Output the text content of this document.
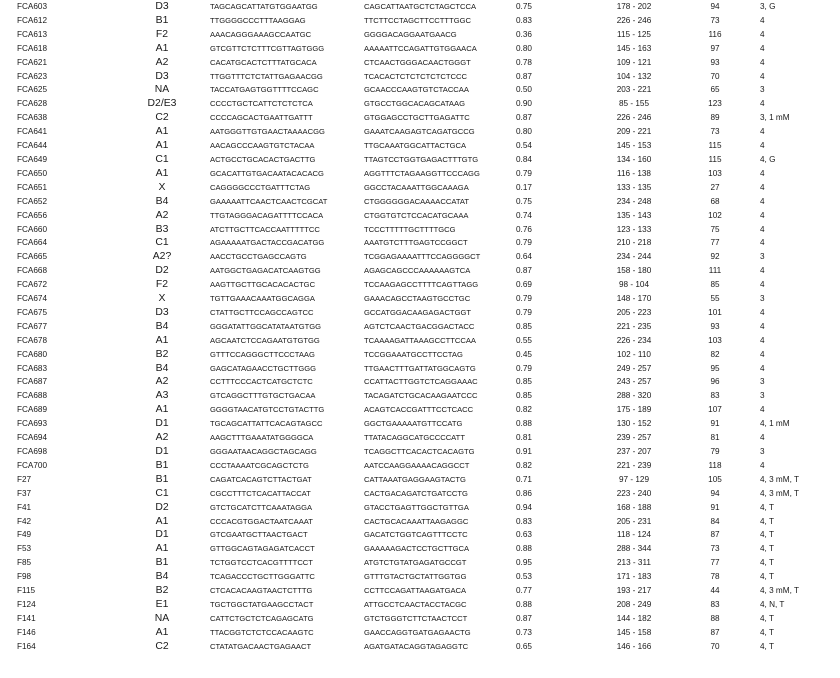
FCA603	D3	TAGCAGCATTATGTGGAATGG	CAGCATTAATGCTCTAGCTCCA	0.75	178 - 202	94	3, G
FCA612	B1	TTGGGGCCCTTTAAGGAG	TTCTTCCTAGCTTCCTTTGGC	0.83	226 - 246	73	4
FCA613	F2	AAACAGGGAAAGCCAATGC	GGGGACAGGAATGAACG	0.36	115 - 125	116	4
FCA618	A1	GTCGTTCTCTTTCGTTAGTGGG	AAAAATTCCAGATTGTGGAACA	0.80	145 - 163	97	4
FCA621	A2	CACATGCACTCTTTATGCACA	CTCAACTGGGACAACTGGGT	0.78	109 - 121	93	4
FCA623	D3	TTGGTTTCTCTATTGAGAACGG	TCACACTCTCTCTCTCTCCC	0.87	104 - 132	70	4
FCA625	NA	TACCATGAGTGGTTTTCCAGC	GCAACCCAAGTGTCTACCAA	0.50	203 - 221	65	3
FCA628	D2/E3	CCCCTGCTCATTCTCTCTCA	GTGCCTGGCACAGCATAAG	0.90	85 - 155	123	4
FCA638	C2	CCCCAGCACTGAATTGATTT	GTGGAGCCTGCTTGAGATTC	0.87	226 - 246	89	3, 1 mM
FCA641	A1	AATGGGTTGTGAACTAAAACGG	GAAATCAAGAGTCAGATGCCG	0.80	209 - 221	73	4
FCA644	A1	AACAGCCCAAGTGTCTACAA	TTGCAAATGGCATTACTGCA	0.54	145 - 153	115	4
FCA649	C1	ACTGCCTGCACACTGACTTG	TTAGTCCTGGTGAGACTTTGTG	0.84	134 - 160	115	4, G
FCA650	A1	GCACATTGTGACAATACACACG	AGGTTTCTAGAAGGTTCCCAGG	0.79	116 - 138	103	4
FCA651	X	CAGGGGCCCTGATTTCTAG	GGCCTACAAATTGGCAAAGA	0.17	133 - 135	27	4
FCA652	B4	GAAAAATTCAACTCAACTCGCAT	CTGGGGGGACAAAACCATAT	0.75	234 - 248	68	4
FCA656	A2	TTGTAGGGACAGATTTTCCACA	CTGGTGTCTCCACATGCAAA	0.74	135 - 143	102	4
FCA660	B3	ATCTTGCTTCACCAATTTTTCC	TCCCTTTTTGCTTTTGCG	0.76	123 - 133	75	4
FCA664	C1	AGAAAAATGACTACCGACATGG	AAATGTCTTTGAGTCCGGCT	0.79	210 - 218	77	4
FCA665	A2?	AACCTGCCTGAGCCAGTG	TCGGAGAAAATTTCCAGGGGCT	0.64	234 - 244	92	3
FCA668	D2	AATGGCTGAGACATCAAGTGG	AGAGCAGCCCAAAAAAGTCA	0.87	158 - 180	111	4
FCA672	F2	AAGTTGCTTGCACACACTGC	TCCAAGAGCCTTTTCAGTTAGG	0.69	98 - 104	85	4
FCA674	X	TGTTGAAACAAATGGCAGGA	GAAACAGCCTAAGTGCCTGC	0.79	148 - 170	55	3
FCA675	D3	CTATTGCTTCCAGCCAGTCC	GCCATGGACAAGAGACTGGT	0.79	205 - 223	101	4
FCA677	B4	GGGATATTGGCATATAATGTGG	AGTCTCAACTGACGGACTACC	0.85	221 - 235	93	4
FCA678	A1	AGCAATCTCCAGAATGTGTGG	TCAAAAGATTAAAGCCTTCCAA	0.55	226 - 234	103	4
FCA680	B2	GTTTCCAGGGCTTCCCTAAG	TCCGGAAATGCCTTCCTAG	0.45	102 - 110	82	4
FCA683	B4	GAGCATAGAACCTGCTTGGG	TTGAACTTTGATTATGGCAGTG	0.79	249 - 257	95	4
FCA687	A2	CCTTTCCCACTCATGCTCTC	CCATTACTTGGTCTCAGGAAAC	0.85	243 - 257	96	3
FCA688	A3	GTCAGGCTTTGTGCTGACAA	TACAGATCTGCACAAGAATCCC	0.85	288 - 320	83	3
FCA689	A1	GGGGTAACATGTCCTGTACTTG	ACAGTCACCGATTTCCTCACC	0.82	175 - 189	107	4
FCA693	D1	TGCAGCATTATTCACAGTAGCC	GGCTGAAAAATGTTCCATG	0.88	130 - 152	91	4, 1 mM
FCA694	A2	AAGCTTTGAAATATGGGGCA	TTATACAGGCATGCCCCATT	0.81	239 - 257	81	4
FCA698	D1	GGGAATAACAGGCTAGCAGG	TCAGGCTTCACACTCACAGTG	0.91	237 - 207	79	3
FCA700	B1	CCCTAAAATCGCAGCTCTG	AATCCAAGGAAAACAGGCCT	0.82	221 - 239	118	4
F27	B1	CAGATCACAGTCTTACTGAT	CATTAAATGAGGAAGTACTG	0.71	97 - 129	105	4, 3 mM, T
F37	C1	CGCCTTTCTCACATTACCAT	CACTGACAGATCTGATCCTG	0.86	223 - 240	94	4, 3 mM, T
F41	D2	GTCTGCATCTTCAAATAGGA	GTACCTGAGTTGGCTGTTGA	0.94	168 - 188	91	4, T
F42	A1	CCCACGTGGACTAATCAAAT	CACTGCACAAATTAAGAGGC	0.83	205 - 231	84	4, T
F49	D1	GTCGAATGCTTAACTGACT	GACATCTGGTCAGTTTCCTC	0.63	118 - 124	87	4, T
F53	A1	GTTGGCAGTAGAGATCACCT	GAAAAAGACTCCTGCTTGCA	0.88	288 - 344	73	4, T
F85	B1	TCTGGTCCTCACGTTTTCCT	ATGTCTGTATGAGATGCCGT	0.95	213 - 311	77	4, T
F98	B4	TCAGACCCTGCTTGGGATTC	GTTTGTACTGCTATTGGTGG	0.53	171 - 183	78	4, T
F115	B2	CTCACACAAGTAACTCTTTG	CCTTCCAGATTAAGATGACA	0.77	193 - 217	44	4, 3 mM, T
F124	E1	TGCTGGCTATGAAGCCTACT	ATTGCCTCAACTACCTACGC	0.88	208 - 249	83	4, N, T
F141	NA	CATTCTGCTCTCAGAGCATG	GTCTGGGTCTTCTAACTCCT	0.87	144 - 182	88	4, T
F146	A1	TTACGGTCTCTCCACAAGTC	GAACCAGGTGATGAGAACTG	0.73	145 - 158	87	4, T
F164	C2	CTATATGACAACTGAGAACT	AGATGATACAGGTAGAGGTC	0.65	146 - 166	70	4, T
